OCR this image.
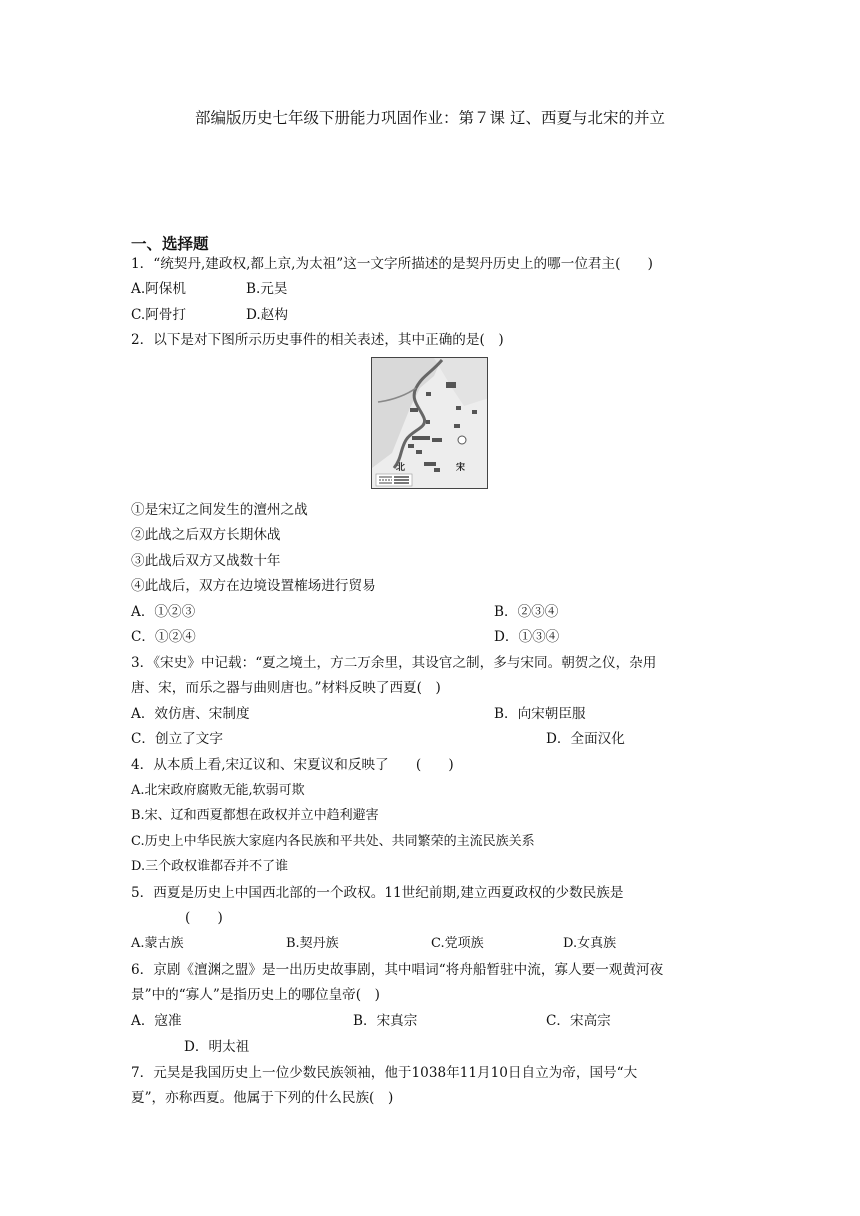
部编版历史七年级下册能力巩固作业：第７课 辽、西夏与北宋的并立
一、选择题
1．“统契丹,建政权,都上京,为太祖”这一文字所描述的是契丹历史上的哪一位君主(　　)
A.阿保机	B.元昊
C.阿骨打	D.赵构
2．以下是对下图所示历史事件的相关表述，其中正确的是(　)
北	宋
①是宋辽之间发生的澶州之战
②此战之后双方长期休战
③此战后双方又战数十年
④此战后，双方在边境设置榷场进行贸易
A．①②③	B．②③④
C．①②④	D．①③④
3．《宋史》中记载：“夏之境土，方二万余里，其设官之制，多与宋同。朝贺之仪，杂用
唐、宋，而乐之器与曲则唐也。”材料反映了西夏(　)
A．效仿唐、宋制度	B．向宋朝臣服
C．创立了文字	D．全面汉化
4．从本质上看,宋辽议和、宋夏议和反映了　　(　　)
A.北宋政府腐败无能,软弱可欺
B.宋、辽和西夏都想在政权并立中趋利避害
C.历史上中华民族大家庭内各民族和平共处、共同繁荣的主流民族关系
D.三个政权谁都吞并不了谁
5．西夏是历史上中国西北部的一个政权。11世纪前期,建立西夏政权的少数民族是
(　　)
A.蒙古族	B.契丹族	C.党项族	D.女真族
6．京剧《澶渊之盟》是一出历史故事剧，其中唱词“将舟船暂驻中流，寡人要一观黄河夜
景”中的“寡人”是指历史上的哪位皇帝(　)
A．寇准	B．宋真宗	C．宋高宗
D．明太祖
7．元昊是我国历史上一位少数民族领袖，他于1038年11月10日自立为帝，国号“大
夏”，亦称西夏。他属于下列的什么民族(　)
